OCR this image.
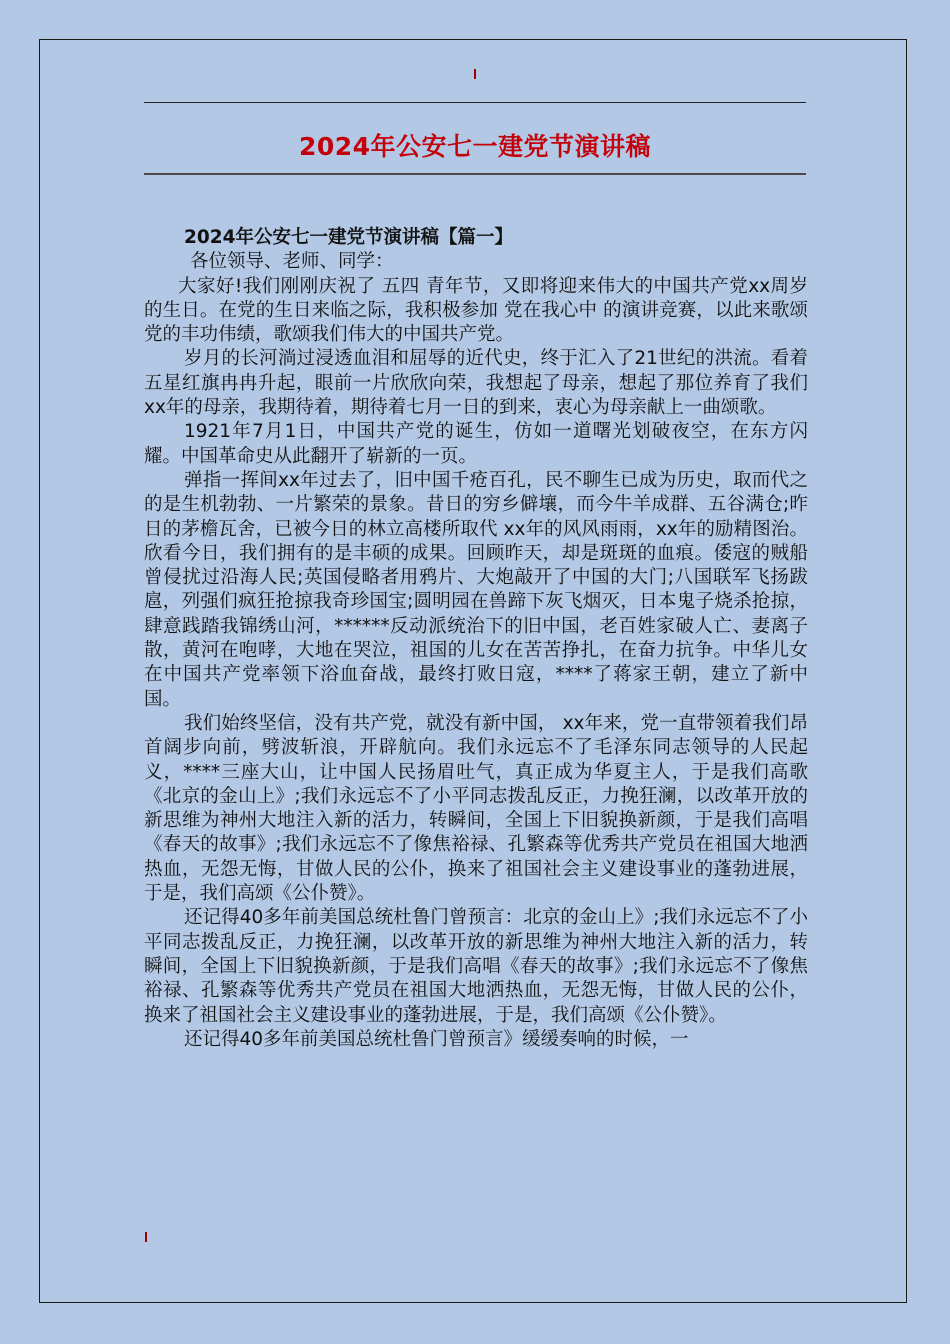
2024年公安七一建党节演讲稿

2024年公安七一建党节演讲稿【篇一】

各位领导、老师、同学：

大家好!我们刚刚庆祝了 五四 青年节，又即将迎来伟大的中国共产党xx周岁的生日。在党的生日来临之际，我积极参加 党在我心中 的演讲竞赛，以此来歌颂党的丰功伟绩，歌颂我们伟大的中国共产党。

岁月的长河淌过浸透血泪和屈辱的近代史，终于汇入了21世纪的洪流。看着五星红旗冉冉升起，眼前一片欣欣向荣，我想起了母亲，想起了那位养育了我们xx年的母亲，我期待着，期待着七月一日的到来，衷心为母亲献上一曲颂歌。

1921年7月1日，中国共产党的诞生，仿如一道曙光划破夜空，在东方闪耀。中国革命史从此翻开了崭新的一页。

弹指一挥间xx年过去了，旧中国千疮百孔，民不聊生已成为历史，取而代之的是生机勃勃、一片繁荣的景象。昔日的穷乡僻壤，而今牛羊成群、五谷满仓;昨日的茅檐瓦舍，已被今日的林立高楼所取代 xx年的风风雨雨，xx年的励精图治。欣看今日，我们拥有的是丰硕的成果。回顾昨天，却是斑斑的血痕。倭寇的贼船曾侵扰过沿海人民;英国侵略者用鸦片、大炮敲开了中国的大门;八国联军飞扬跋扈，列强们疯狂抢掠我奇珍国宝;圆明园在兽蹄下灰飞烟灭，日本鬼子烧杀抢掠，肆意践踏我锦绣山河，******反动派统治下的旧中国，老百姓家破人亡、妻离子散，黄河在咆哮，大地在哭泣，祖国的儿女在苦苦挣扎，在奋力抗争。中华儿女在中国共产党率领下浴血奋战，最终打败日寇，****了蒋家王朝，建立了新中国。

我们始终坚信，没有共产党，就没有新中国， xx年来，党一直带领着我们昂首阔步向前，劈波斩浪，开辟航向。我们永远忘不了毛泽东同志领导的人民起义，****三座大山，让中国人民扬眉吐气，真正成为华夏主人，于是我们高歌《北京的金山上》;我们永远忘不了小平同志拨乱反正，力挽狂澜，以改革开放的新思维为神州大地注入新的活力，转瞬间，全国上下旧貌换新颜，于是我们高唱《春天的故事》;我们永远忘不了像焦裕禄、孔繁森等优秀共产党员在祖国大地洒热血，无怨无悔，甘做人民的公仆，换来了祖国社会主义建设事业的蓬勃进展，于是，我们高颂《公仆赞》。

还记得40多年前美国总统杜鲁门曾预言：北京的金山上》;我们永远忘不了小平同志拨乱反正，力挽狂澜，以改革开放的新思维为神州大地注入新的活力，转瞬间，全国上下旧貌换新颜，于是我们高唱《春天的故事》;我们永远忘不了像焦裕禄、孔繁森等优秀共产党员在祖国大地洒热血，无怨无悔，甘做人民的公仆，换来了祖国社会主义建设事业的蓬勃进展，于是，我们高颂《公仆赞》。

还记得40多年前美国总统杜鲁门曾预言》缓缓奏响的时候，一
